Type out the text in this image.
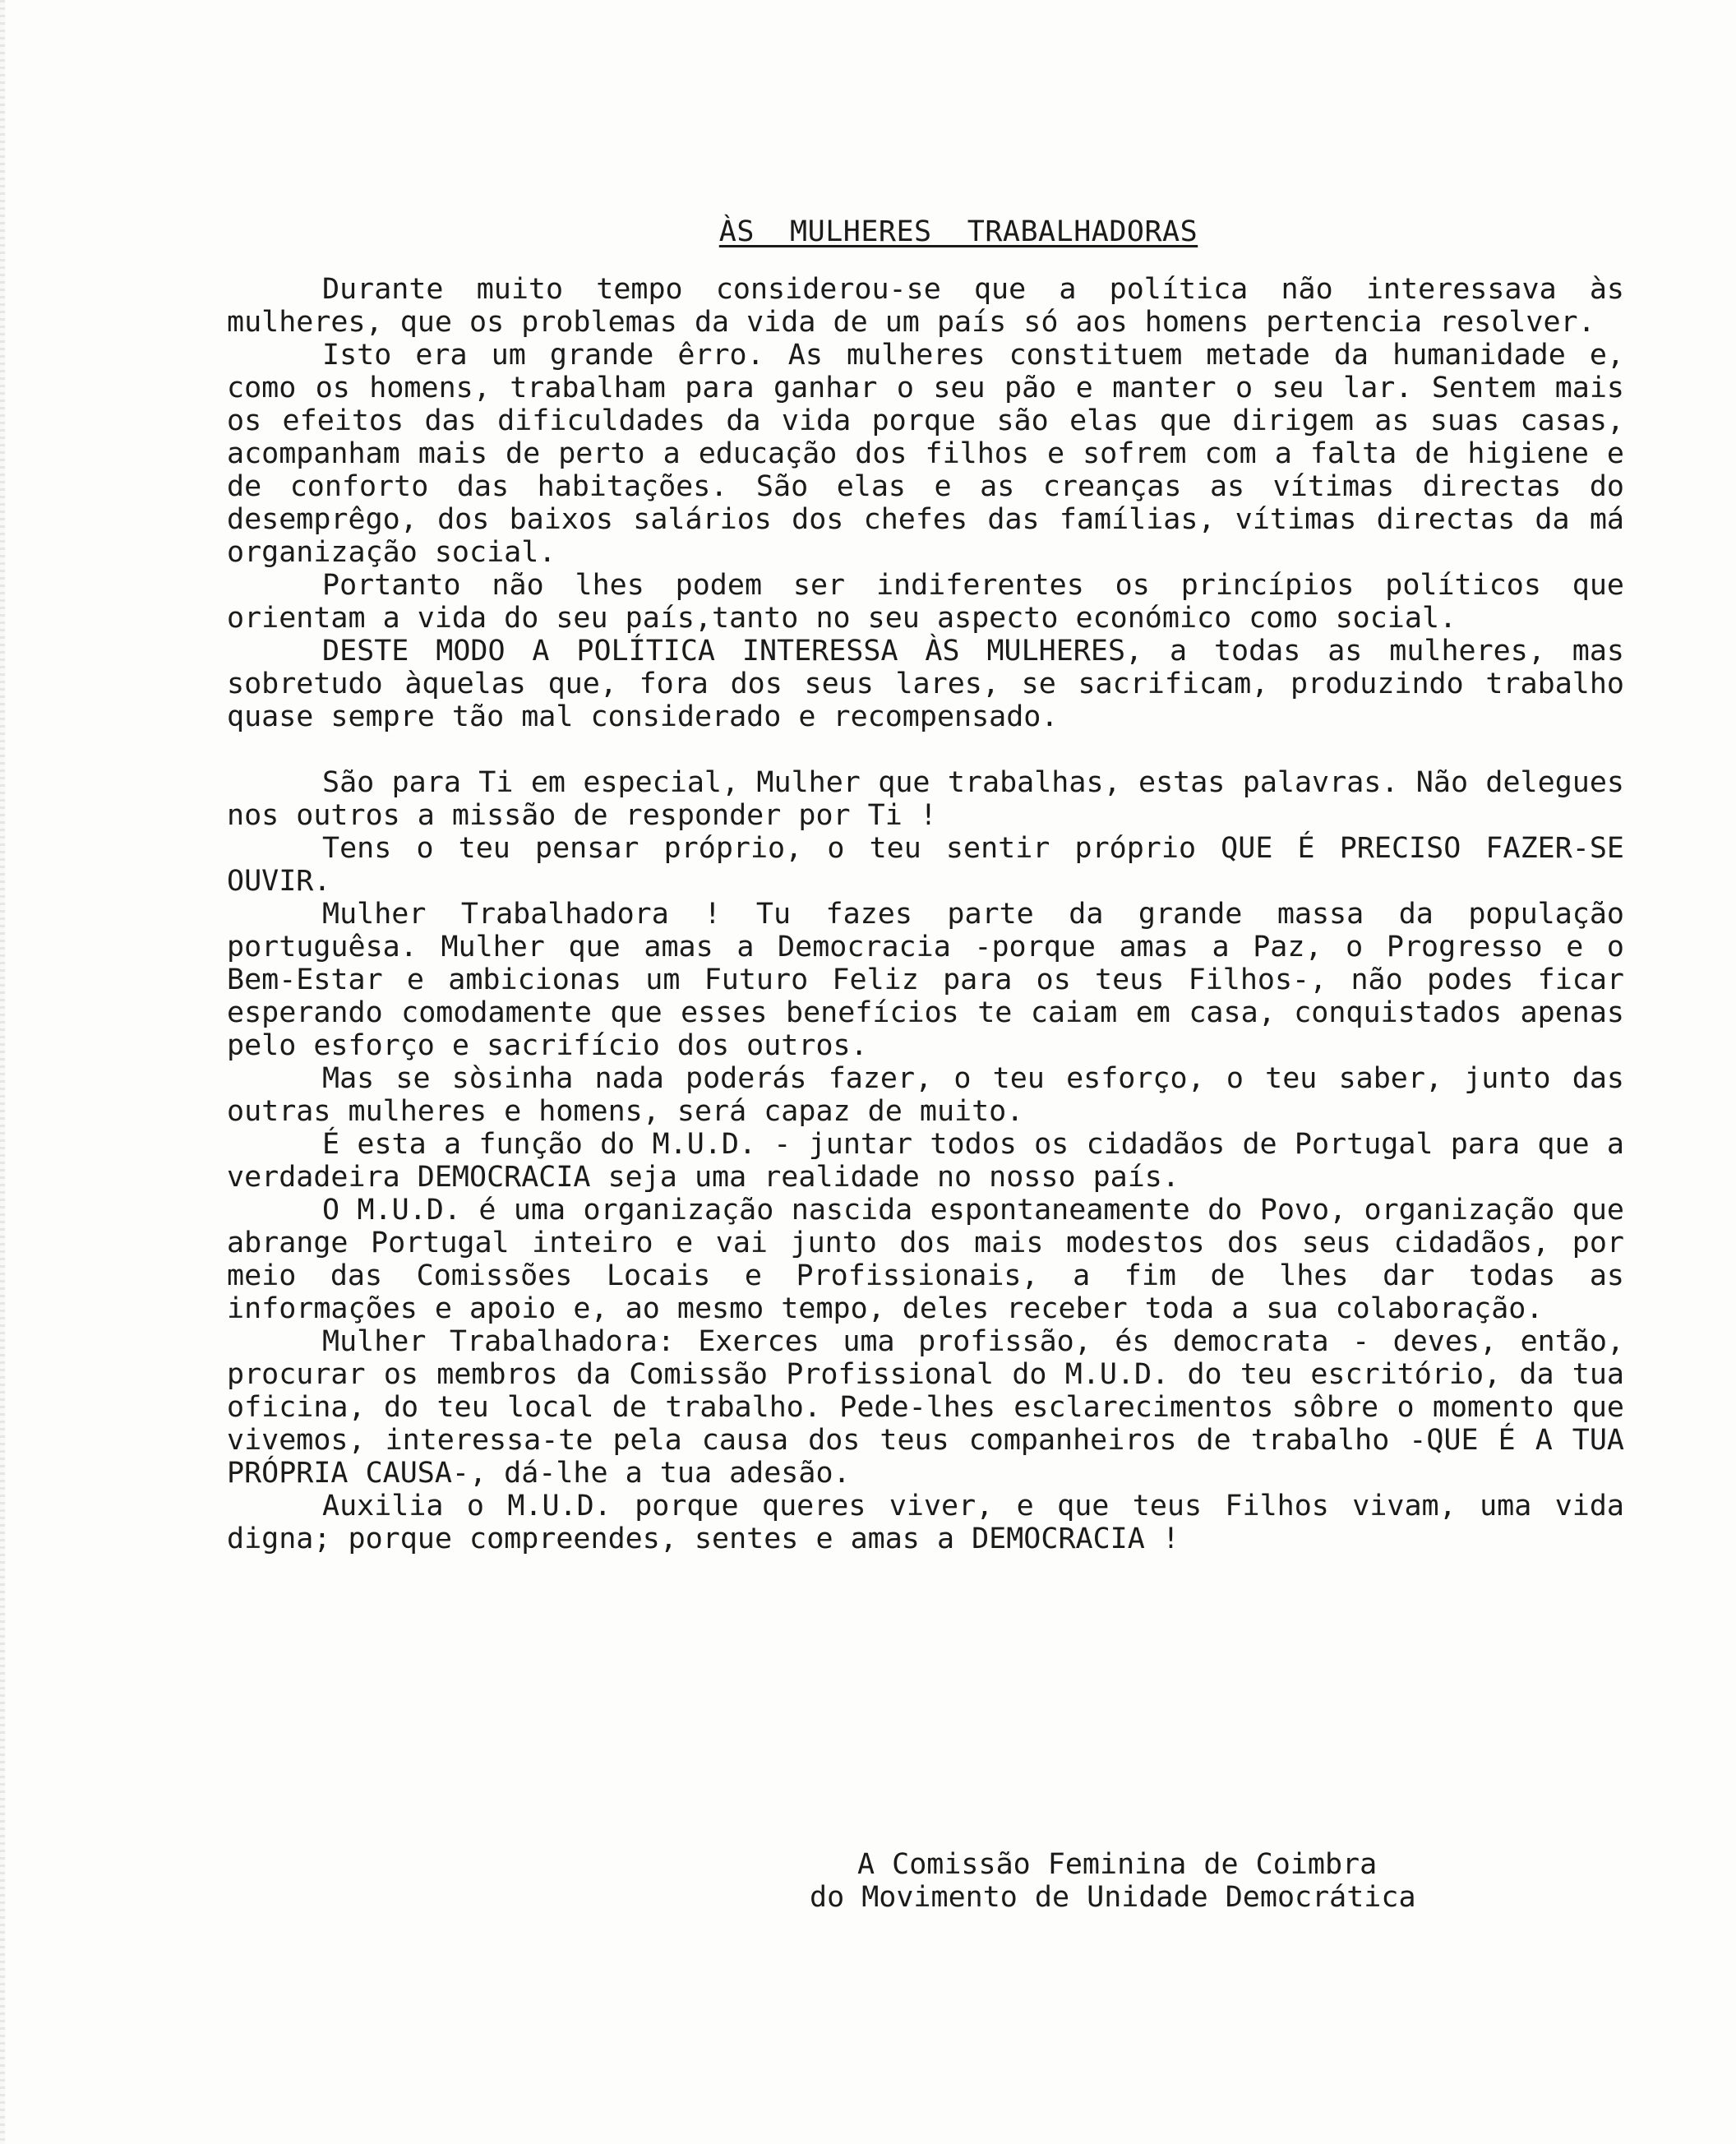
ÀS  MULHERES  TRABALHADORAS

Durante muito tempo considerou-se que a política não interessava às mulheres, que os problemas da vida de um país só aos homens pertencia resolver.

Isto era um grande êrro. As mulheres constituem metade da humanidade e, como os homens, trabalham para ganhar o seu pão e manter o seu lar. Sentem mais os efeitos das dificuldades da vida porque são elas que dirigem as suas casas, acompanham mais de perto a educação dos filhos e sofrem com a falta de higiene e de conforto das habitações. São elas e as creanças as vítimas directas do desemprêgo, dos baixos salários dos chefes das famílias, vítimas directas da má organização social.

Portanto não lhes podem ser indiferentes os princípios políticos que orientam a vida do seu país,tanto no seu aspecto económico como social.

DESTE MODO A POLÍTICA INTERESSA ÀS MULHERES, a todas as mulheres, mas sobretudo àquelas que, fora dos seus lares, se sacrificam, produzindo trabalho quase sempre tão mal considerado e recompensado.

São para Ti em especial, Mulher que trabalhas, estas palavras. Não delegues nos outros a missão de responder por Ti !

Tens o teu pensar próprio, o teu sentir próprio QUE É PRECISO FAZER-SE OUVIR.

Mulher Trabalhadora ! Tu fazes parte da grande massa da população portuguêsa. Mulher que amas a Democracia -porque amas a Paz, o Progresso e o Bem-Estar e ambicionas um Futuro Feliz para os teus Filhos-, não podes ficar esperando comodamente que esses benefícios te caiam em casa, conquistados apenas pelo esforço e sacrifício dos outros.

Mas se sòsinha nada poderás fazer, o teu esforço, o teu saber, junto das outras mulheres e homens, será capaz de muito.

É esta a função do M.U.D. - juntar todos os cidadãos de Portugal para que a verdadeira DEMOCRACIA seja uma realidade no nosso país.

O M.U.D. é uma organização nascida espontaneamente do Povo, organização que abrange Portugal inteiro e vai junto dos mais modestos dos seus cidadãos, por meio das Comissões Locais e Profissionais, a fim de lhes dar todas as informações e apoio e, ao mesmo tempo, deles receber toda a sua colaboração.

Mulher Trabalhadora: Exerces uma profissão, és democrata - deves, então, procurar os membros da Comissão Profissional do M.U.D. do teu escritório, da tua oficina, do teu local de trabalho. Pede-lhes esclarecimentos sôbre o momento que vivemos, interessa-te pela causa dos teus companheiros de trabalho -QUE É A TUA PRÓPRIA CAUSA-, dá-lhe a tua adesão.

Auxilia o M.U.D. porque queres viver, e que teus Filhos vivam, uma vida digna; porque compreendes, sentes e amas a DEMOCRACIA !

A Comissão Feminina de Coimbra
do Movimento de Unidade Democrática
